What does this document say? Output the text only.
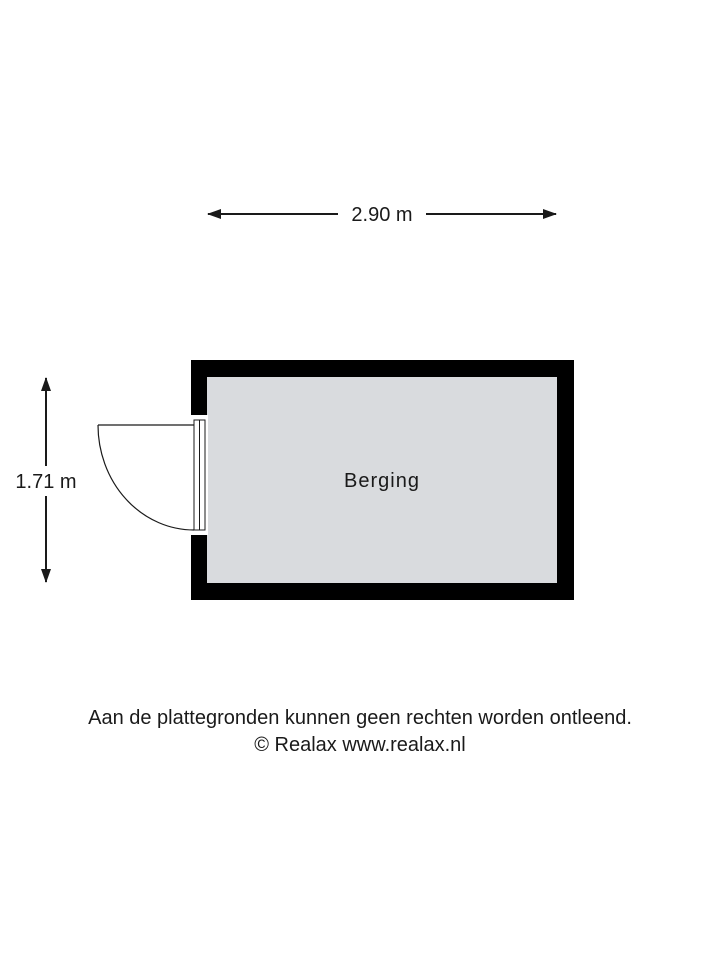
2.90 m
1.71 m	Berging
Aan de plattegronden kunnen geen rechten worden ontleend.
© Realax www.realax.nl
